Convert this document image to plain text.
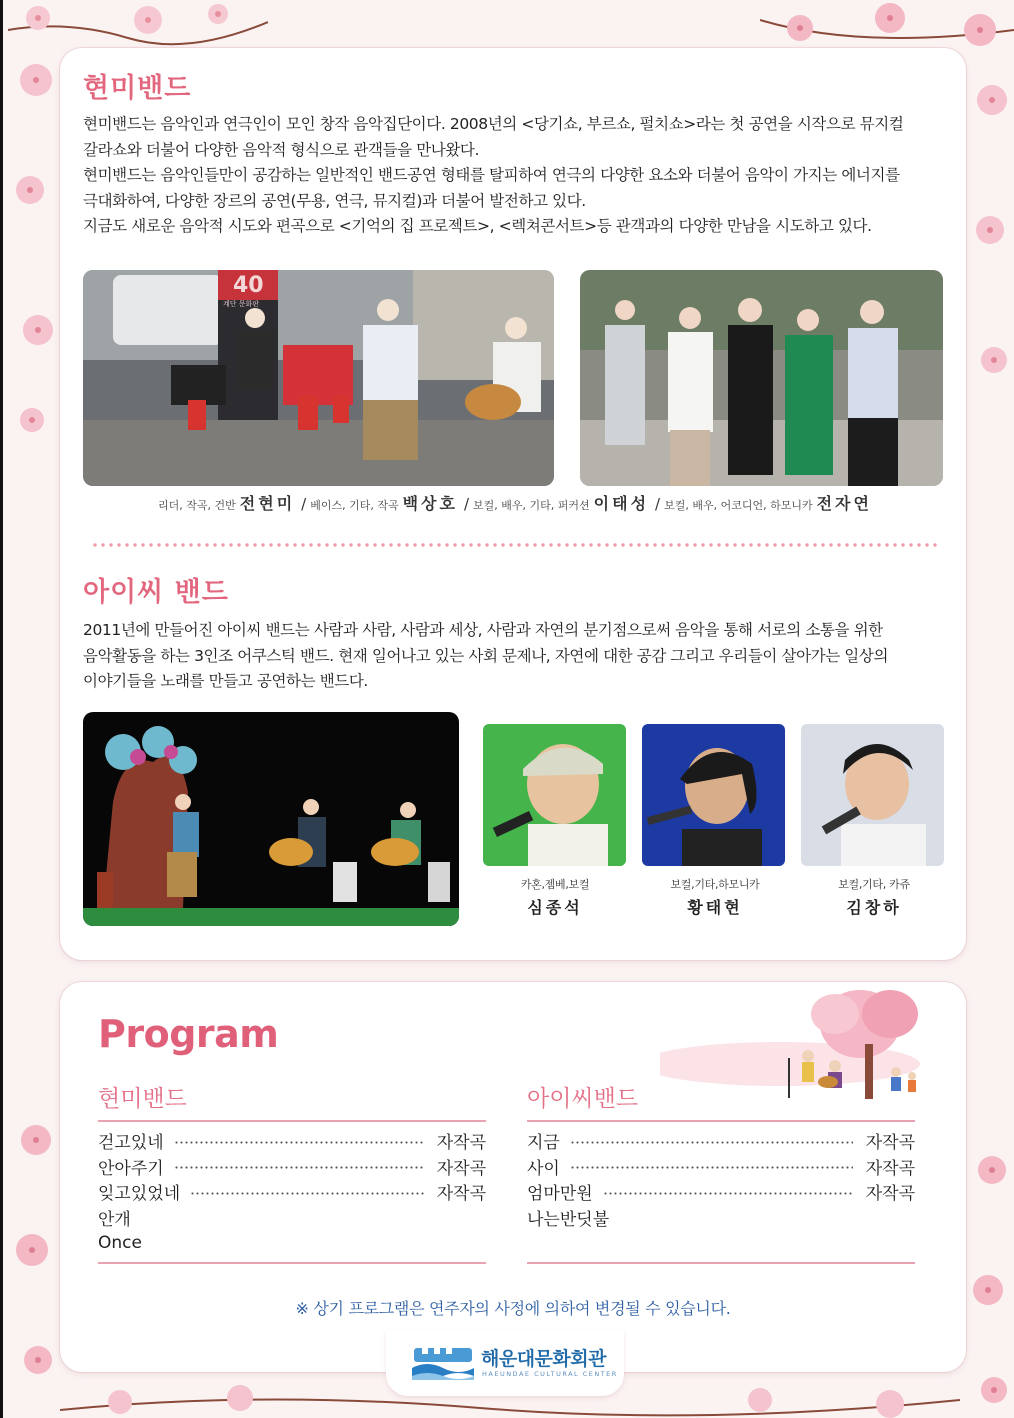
현미밴드

현미밴드는 음악인과 연극인이 모인 창작 음악집단이다. 2008년의 <당기쇼, 부르쇼, 펄치쇼>라는 첫 공연을 시작으로 뮤지컬

갈라쇼와 더불어 다양한 음악적 형식으로 관객들을 만나왔다.

현미밴드는 음악인들만이 공감하는 일반적인 밴드공연 형태를 탈피하여 연극의 다양한 요소와 더불어 음악이 가지는 에너지를

극대화하여, 다양한 장르의 공연(무용, 연극, 뮤지컬)과 더불어 발전하고 있다.

지금도 새로운 음악적 시도와 편곡으로 <기억의 집 프로젝트>, <렉쳐콘서트>등 관객과의 다양한 만남을 시도하고 있다.

40
계단 문화판
리더, 작곡, 건반 전현미 / 베이스, 기타, 작곡 백상호 / 보컬, 배우, 기타, 퍼커션 이태성 / 보컬, 배우, 어코디언, 하모니카 전자연
아이씨 밴드

2011년에 만들어진 아이씨 밴드는 사람과 사람, 사람과 세상, 사람과 자연의 분기점으로써 음악을 통해 서로의 소통을 위한

음악활동을 하는 3인조 어쿠스틱 밴드. 현재 일어나고 있는 사회 문제나, 자연에 대한 공감 그리고 우리들이 살아가는 일상의

이야기들을 노래를 만들고 공연하는 밴드다.

카혼,젬베,보컬
심종석
보컬,기타,하모니카
황태현
보컬,기타, 카쥬
김창하
Program
현미밴드
걷고있네	자작곡
안아주기	자작곡
잊고있었네	자작곡
안개
Once
아이씨밴드
지금	자작곡
사이	자작곡
엄마만원	자작곡
나는반딧불
※ 상기 프로그램은 연주자의 사정에 의하여 변경될 수 있습니다.
해운대문화회관
HAEUNDAE CULTURAL CENTER
